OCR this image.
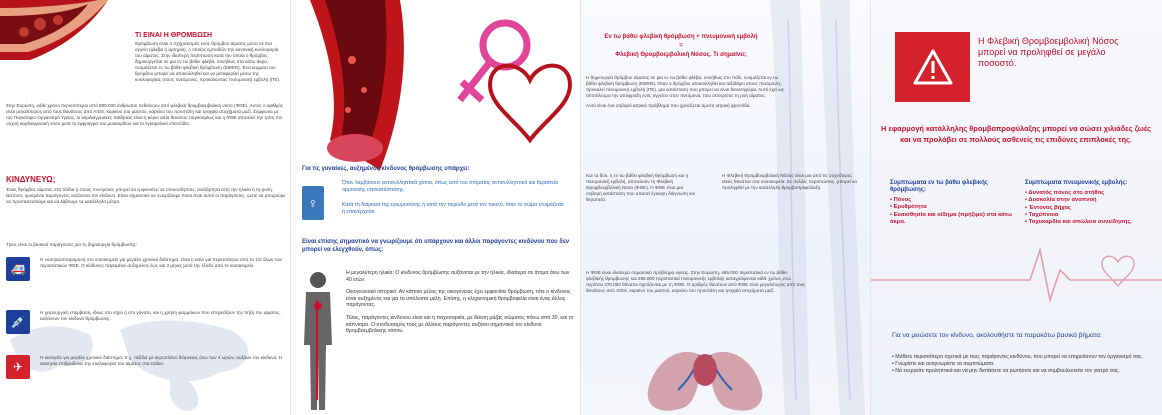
ΤΙ ΕΙΝΑΙ Η ΘΡΟΜΒΩΣΗ

Θρόμβωση είναι ο σχηματισμός ενός θρόμβου αίματος μέσα σε ένα αγγείο (φλέβα ή αρτηρία), ο οποίος εμποδίζει την κανονική κυκλοφορία του αίματος. Στην ιδιαίτερη περίπτωση κατά την οποία ο θρόμβος δημιουργείται σε μια εν τω βάθει φλέβα, συνήθως στα κάτω άκρα, ονομάζεται εν τω βάθει φλεβική θρόμβωση (ΕΒΦΘ). Ένα κομμάτι του θρόμβου μπορεί να αποκολληθεί και να μεταφερθεί μέσω της κυκλοφορίας στους πνεύμονες, προκαλώντας πνευμονική εμβολή (ΠΕ).

Στην Ευρώπη, κάθε χρόνο περισσότεροι από 500.000 άνθρωποι πεθαίνουν από φλεβική θρομβοεμβολική νόσο (ΦΘΕ). Αυτός ο αριθμός είναι μεγαλύτερος από τους θανάτους από AIDS, καρκίνο του μαστού, καρκίνο του προστάτη και τροχαία ατυχήματα μαζί. Σύμφωνα με τον Παγκόσμιο Οργανισμό Υγείας, οι καρδιαγγειακές παθήσεις είναι η κύρια αιτία θανάτου παγκοσμίως και η ΦΘΕ αποτελεί την τρίτη πιο συχνή καρδιαγγειακή νόσο μετά το έμφραγμα του μυοκαρδίου και το εγκεφαλικό επεισόδιο.

ΚΙΝΔΥΝΕΥΩ;

Ένας θρόμβος αίματος στα πόδια ή στους πνεύμονες μπορεί να εμφανιστεί σε οποιονδήποτε, ανεξάρτητα από την ηλικία ή τη φυλή. Ωστόσο, ορισμένοι παράγοντες αυξάνουν τον κίνδυνο. Είναι σημαντικό να γνωρίζουμε ποιοι είναι αυτοί οι παράγοντες, ώστε να μπορούμε να προστατευτούμε και να λάβουμε τα κατάλληλα μέτρα.

Τρεις είναι οι βασικοί παράγοντες για τη δημιουργία θρόμβωσης:

🚑

Η νοσηλεία/παραμονή στο νοσοκομείο για μεγάλο χρονικό διάστημα, είναι η αιτία για περισσότερα από το 1/3 όλων των περιστατικών ΦΘΕ. Ο κίνδυνος παραμένει αυξημένος έως και 3 μήνες μετά την έξοδο από το νοσοκομείο.

💉

Η χειρουργική επέμβαση, ιδίως στο ισχίο ή στο γόνατο, και η χρήση φαρμάκων που επηρεάζουν την πήξη του αίματος, αυξάνουν τον κίνδυνο θρόμβωσης.

✈

Η ακινησία για μεγάλο χρονικό διάστημα, π.χ. ταξίδια με αεροπλάνο διάρκειας άνω των 4 ωρών, αυξάνει τον κίνδυνο. Η ακινησία επιβραδύνει την κυκλοφορία του αίματος στα πόδια.

Για τις γυναίκες, αυξημένος κίνδυνος θρόμβωσης υπάρχει:
♀

Όταν λαμβάνουν αντισυλληπτικά χάπια, όπως από του στόματος αντισυλληπτικά και θεραπεία ορμονικής υποκατάστασης.

Κατά τη διάρκεια της εγκυμοσύνης ή κατά την περίοδο μετά τον τοκετό, όταν το σώμα ετοιμάζεται ή επανέρχεται.

Είναι επίσης σημαντικό να γνωρίζουμε ότι υπάρχουν και άλλοι παράγοντες κινδύνου που δεν μπορεί να ελεγχθούν, όπως:

Η μεγαλύτερη ηλικία: Ο κίνδυνος θρόμβωσης αυξάνεται με την ηλικία, ιδιαίτερα σε άτομα άνω των 40 ετών.

Οικογενειακό ιστορικό: Αν κάποιο μέλος της οικογένειας έχει εμφανίσει θρόμβωση, τότε ο κίνδυνος είναι αυξημένος και για τα υπόλοιπα μέλη. Επίσης, η κληρονομική θρομβοφιλία είναι ένας άλλος παράγοντας.

Τέλος, παράγοντες κινδύνου είναι και η παχυσαρκία, με δείκτη μάζας σώματος πάνω από 30, και το κάπνισμα. Ο συνδυασμός τους με άλλους παράγοντες αυξάνει σημαντικά τον κίνδυνο θρομβοεμβολικής νόσου.

Εν τω βάθει φλεβική θρόμβωση + πνευμονική εμβολή
=
Φλεβική Θρομβοεμβολική Νόσος. Τι σημαίνει;

Η δημιουργία θρόμβου αίματος σε μια εν τω βάθει φλέβα, συνήθως στο πόδι, ονομάζεται εν τω βάθει φλεβική θρόμβωση (ΕΒΦΘ). Όταν ο θρόμβος αποκολληθεί και ταξιδέψει στους πνεύμονες, προκαλεί πνευμονική εμβολή (ΠΕ), μια κατάσταση που μπορεί να είναι θανατηφόρα. Αυτό έχει ως αποτέλεσμα την απόφραξη ενός αγγείου στον πνεύμονα, που αποτρέπει τη ροή αίματος.

Αυτό είναι ένα σοβαρό ιατρικό πρόβλημα που χρειάζεται άμεση ιατρική φροντίδα.

Και τα δύο, η εν τω βάθει φλεβική θρόμβωση και η πνευμονική εμβολή, αποτελούν τη Φλεβική Θρομβοεμβολική Νόσο (ΦΘΕ). Η ΦΘΕ είναι μια σοβαρή κατάσταση που απαιτεί έγκαιρη διάγνωση και θεραπεία.

Η Φλεβική Θρομβοεμβολική Νόσος είναι μια από τις συχνότερες αιτίες θανάτου στα νοσοκομεία. Σε πολλές περιπτώσεις, μπορεί να προληφθεί με την κατάλληλη θρομβοπροφύλαξη.

Η ΦΘΕ είναι ιδιαίτερα σημαντικό πρόβλημα υγείας. Στην Ευρώπη, 465.000 περιστατικά εν τω βάθει φλεβικής θρόμβωσης και 296.000 περιστατικά πνευμονικής εμβολής καταγράφονται κάθε χρόνο, ενώ περίπου 370.000 θάνατοι σχετίζονται με τη ΦΘΕ. Ο αριθμός θανάτων από ΦΘΕ είναι μεγαλύτερος από τους θανάτους από AIDS, καρκίνο του μαστού, καρκίνο του προστάτη και τροχαία ατυχήματα μαζί.

Η Φλεβική Θρομβοεμβολική Νόσος μπορεί να προληφθεί σε μεγάλο ποσοστό.
Η εφαρμογή κατάλληλης θρομβοπροφύλαξης μπορεί να σώσει χιλιάδες ζωές και να προλάβει σε πολλούς ασθενείς τις επιδύνες επιπλοκές της.
Συμπτώματα εν τω βάθει φλεβικής θρόμβωσης:
• Πόνος
• Ερυθρότητα
• Ευαισθησία και οίδημα (πρήξιμο) στα κάτω άκρα.
Συμπτώματα πνευμονικής εμβολής:
• Δυνατός πόνος στο στήθος
• Δυσκολία στην αναπνοή
• Έντονος βήχας
• Ταχύπνοια
• Ταχυκαρδία και απώλεια συνείδησης.
Για να μειώσετε τον κίνδυνο, ακολουθήστε τα παρακάτω βασικά βήματα:
• Μάθετε περισσότερα σχετικά με τους παράγοντες κινδύνου, που μπορεί να επηρεάσουν τον οργανισμό σας.
• Γνωρίστε και αναγνωρίστε τα συμπτώματα.
• Να ενεργείτε προληπτικά και να μην διστάσετε να ρωτήσετε και να συμβουλευτείτε τον γιατρό σας.
